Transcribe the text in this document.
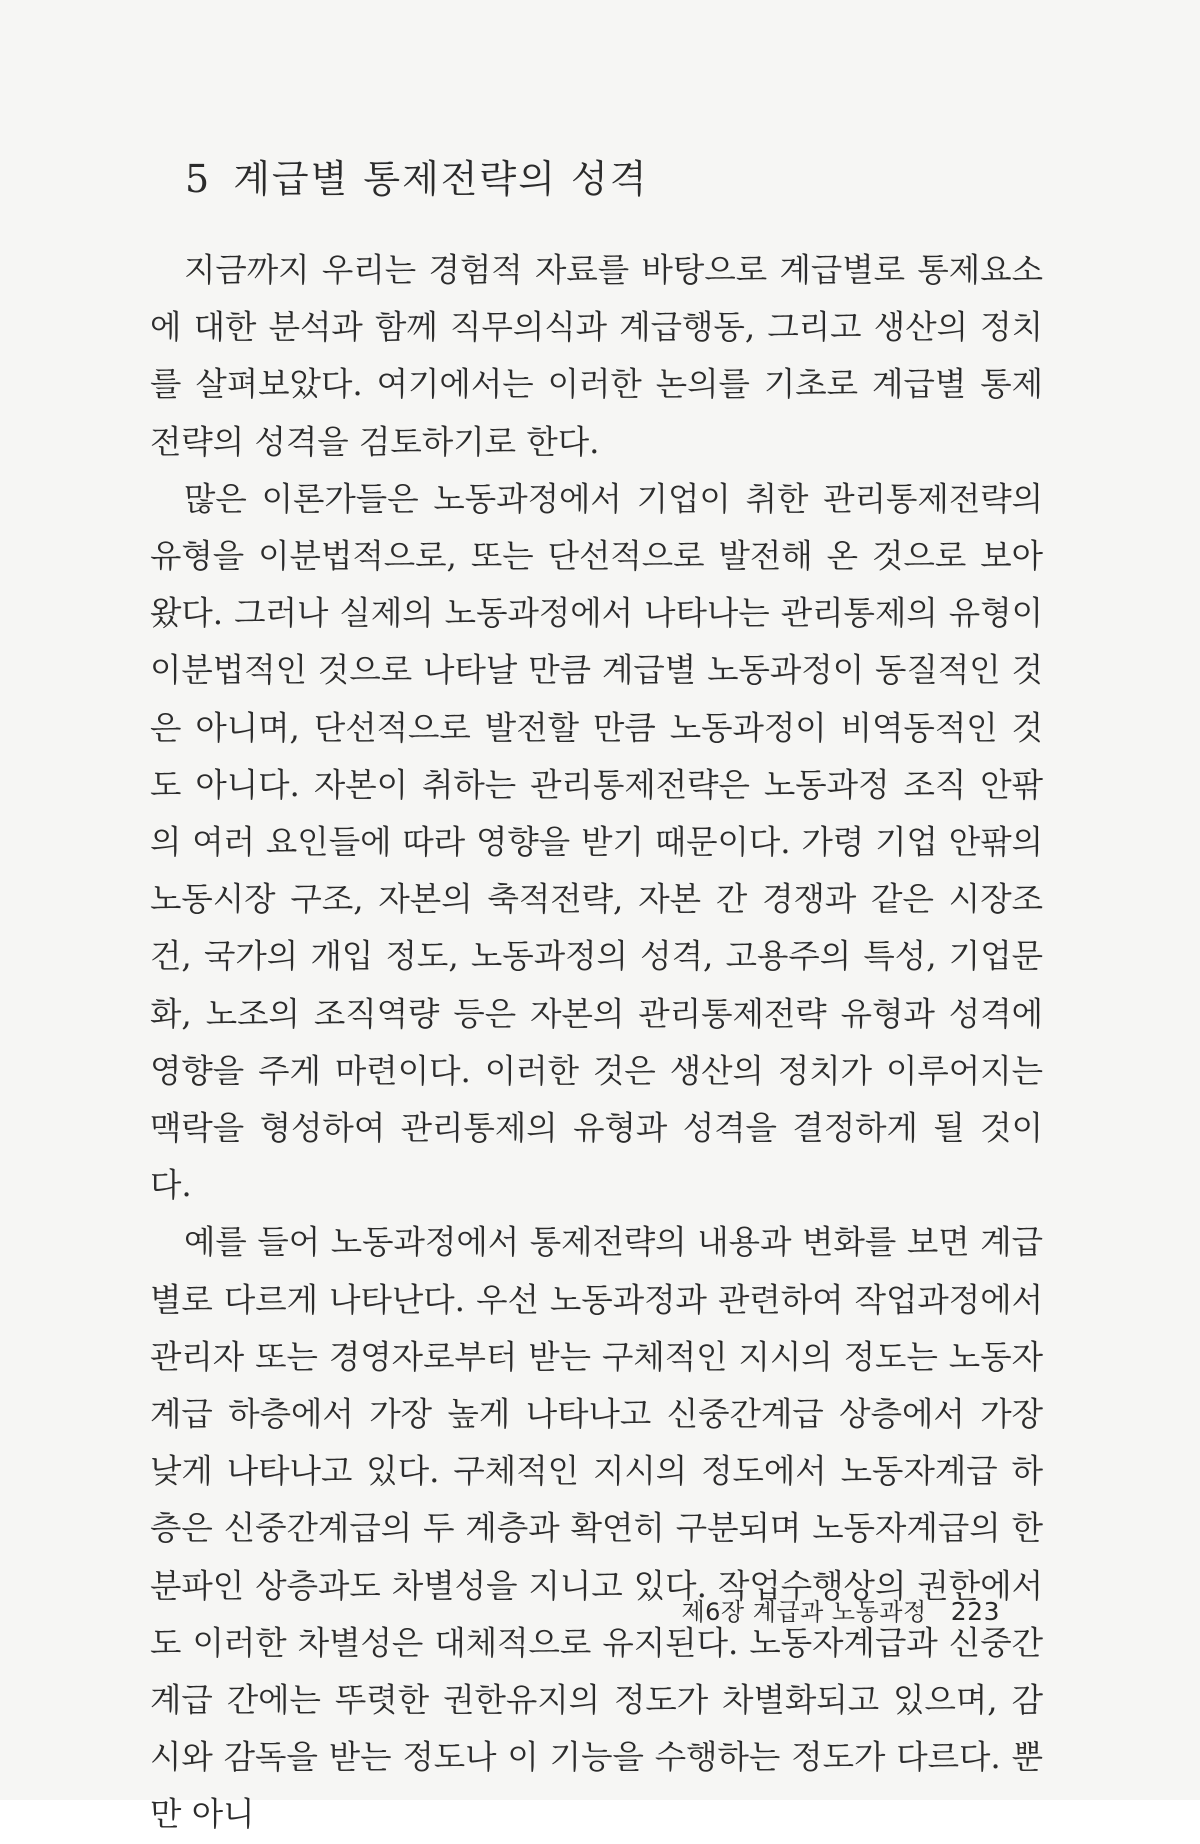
5 계급별 통제전략의 성격

지금까지 우리는 경험적 자료를 바탕으로 계급별로 통제요소에 대한 분석과 함께 직무의식과 계급행동, 그리고 생산의 정치를 살펴보았다. 여기에서는 이러한 논의를 기초로 계급별 통제전략의 성격을 검토하기로 한다.

많은 이론가들은 노동과정에서 기업이 취한 관리통제전략의 유형을 이분법적으로, 또는 단선적으로 발전해 온 것으로 보아왔다. 그러나 실제의 노동과정에서 나타나는 관리통제의 유형이 이분법적인 것으로 나타날 만큼 계급별 노동과정이 동질적인 것은 아니며, 단선적으로 발전할 만큼 노동과정이 비역동적인 것도 아니다. 자본이 취하는 관리통제전략은 노동과정 조직 안팎의 여러 요인들에 따라 영향을 받기 때문이다. 가령 기업 안팎의 노동시장 구조, 자본의 축적전략, 자본 간 경쟁과 같은 시장조건, 국가의 개입 정도, 노동과정의 성격, 고용주의 특성, 기업문화, 노조의 조직역량 등은 자본의 관리통제전략 유형과 성격에 영향을 주게 마련이다. 이러한 것은 생산의 정치가 이루어지는 맥락을 형성하여 관리통제의 유형과 성격을 결정하게 될 것이다.

예를 들어 노동과정에서 통제전략의 내용과 변화를 보면 계급별로 다르게 나타난다. 우선 노동과정과 관련하여 작업과정에서 관리자 또는 경영자로부터 받는 구체적인 지시의 정도는 노동자계급 하층에서 가장 높게 나타나고 신중간계급 상층에서 가장 낮게 나타나고 있다. 구체적인 지시의 정도에서 노동자계급 하층은 신중간계급의 두 계층과 확연히 구분되며 노동자계급의 한 분파인 상층과도 차별성을 지니고 있다. 작업수행상의 권한에서도 이러한 차별성은 대체적으로 유지된다. 노동자계급과 신중간계급 간에는 뚜렷한 권한유지의 정도가 차별화되고 있으며, 감시와 감독을 받는 정도나 이 기능을 수행하는 정도가 다르다. 뿐만 아니

제6장 계급과 노동과정 223
